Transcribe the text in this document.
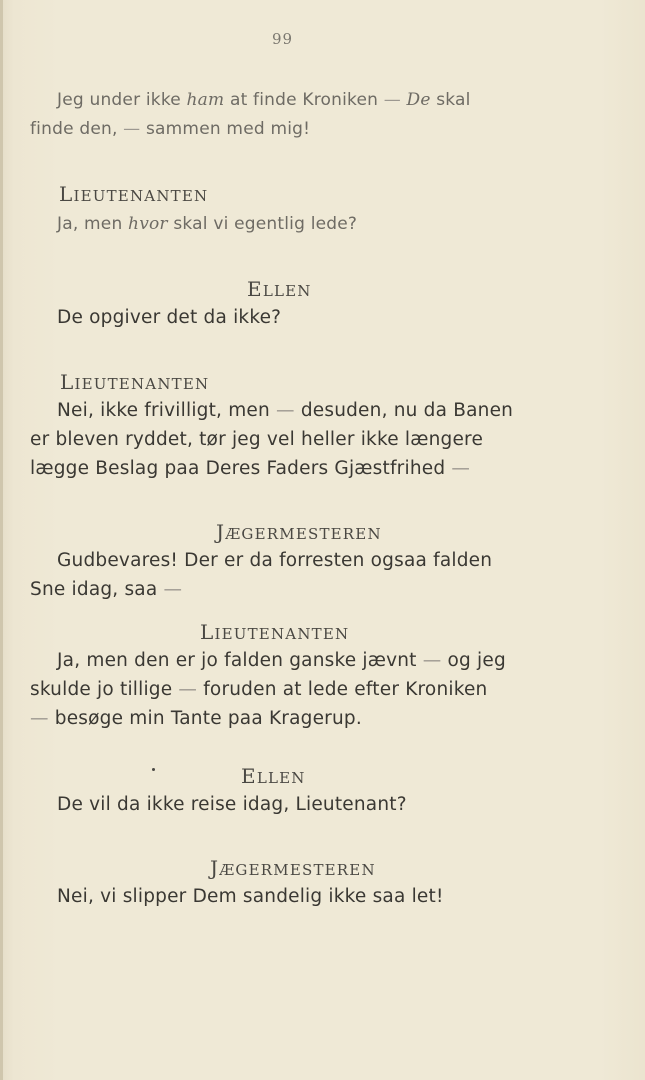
99
Jeg under ikke ham at finde Kroniken — De skal
finde den, — sammen med mig!
LIEUTENANTEN
Ja, men hvor skal vi egentlig lede?
ELLEN
De opgiver det da ikke?
LIEUTENANTEN
Nei, ikke frivilligt, men — desuden, nu da Banen
er bleven ryddet, tør jeg vel heller ikke længere
lægge Beslag paa Deres Faders Gjæstfrihed —
JÆGERMESTEREN
Gudbevares! Der er da forresten ogsaa falden
Sne idag, saa —
LIEUTENANTEN
Ja, men den er jo falden ganske jævnt — og jeg
skulde jo tillige — foruden at lede efter Kroniken
— besøge min Tante paa Kragerup.
ELLEN
De vil da ikke reise idag, Lieutenant?
JÆGERMESTEREN
Nei, vi slipper Dem sandelig ikke saa let!
